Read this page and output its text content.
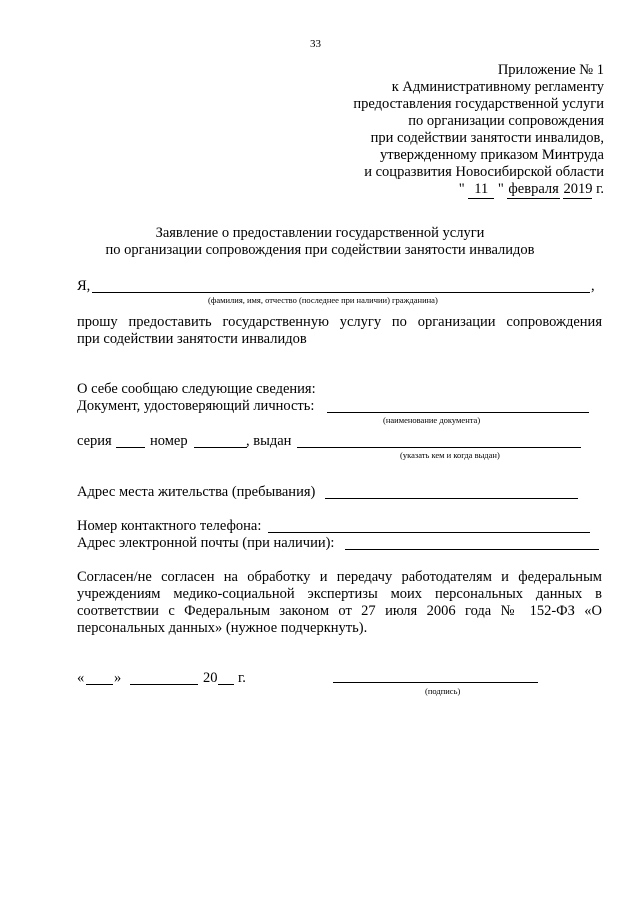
33
Приложение № 1
к Административному регламенту
предоставления государственной услуги
по организации сопровождения
при содействии занятости инвалидов,
утвержденному приказом Минтруда
и соцразвития Новосибирской области
" 11 " февраля 2019 г.
Заявление о предоставлении государственной услуги
по организации сопровождения при содействии занятости инвалидов
Я,	,
(фамилия, имя, отчество (последнее при наличии) гражданина)
прошу предоставить государственную услугу по организации сопровождения
при содействии занятости инвалидов
О себе сообщаю следующие сведения:
Документ, удостоверяющий личность:
(наименование документа)
серия	номер	, выдан
(указать кем и когда выдан)
Адрес места жительства (пребывания)
Номер контактного телефона:
Адрес электронной почты (при наличии):
Согласен/не согласен на обработку и передачу работодателям и федеральным
учреждениям медико-социальной экспертизы моих персональных данных в
соответствии с Федеральным законом от 27 июля 2006 года № 152-ФЗ «О
персональных данных» (нужное подчеркнуть).
« »	20 г.
(подпись)
